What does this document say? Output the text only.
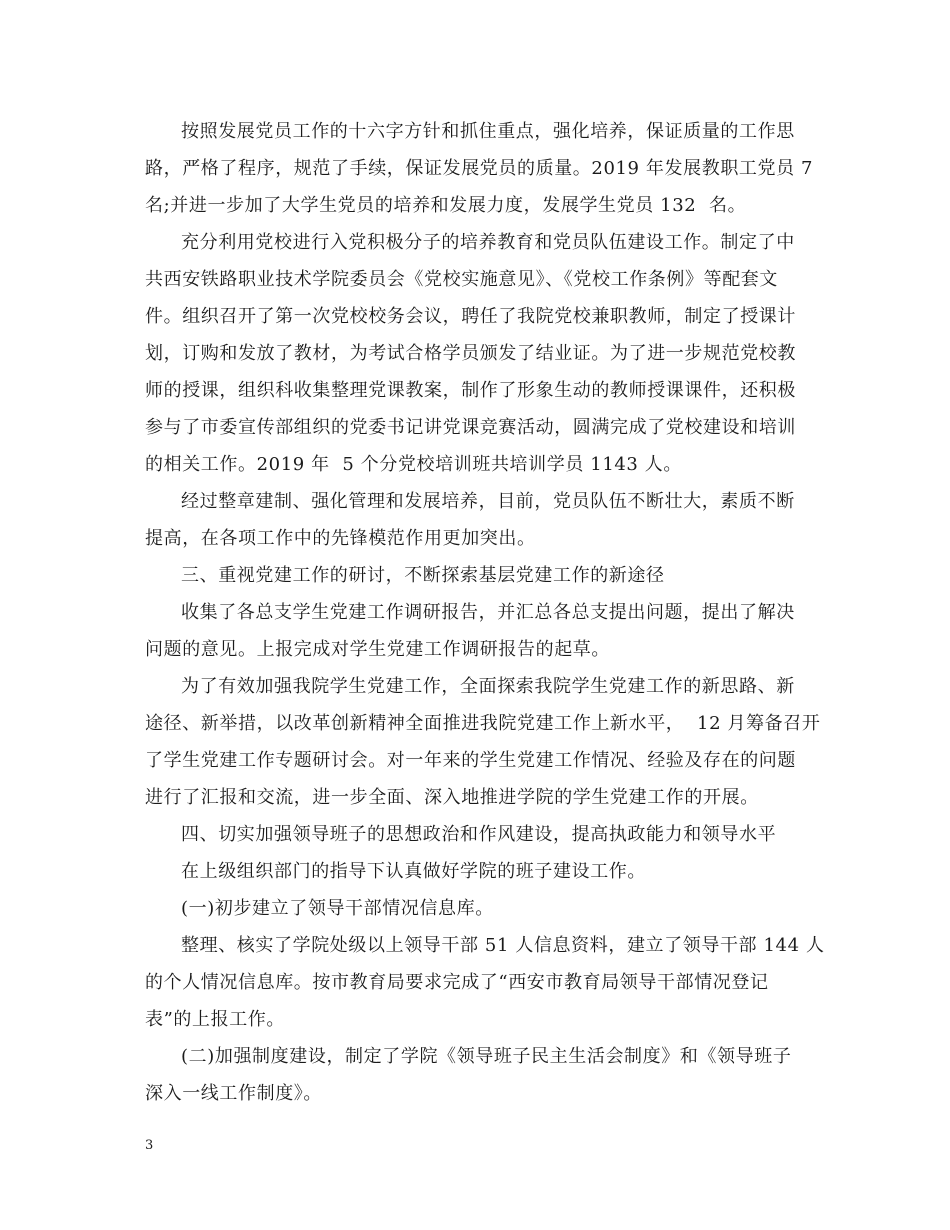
按照发展党员工作的十六字方针和抓住重点，强化培养，保证质量的工作思
路，严格了程序，规范了手续，保证发展党员的质量。2019 年发展教职工党员 7
名;并进一步加了大学生党员的培养和发展力度，发展学生党员 132  名。
充分利用党校进行入党积极分子的培养教育和党员队伍建设工作。制定了中
共西安铁路职业技术学院委员会《党校实施意见》、《党校工作条例》等配套文
件。组织召开了第一次党校校务会议，聘任了我院党校兼职教师，制定了授课计
划，订购和发放了教材，为考试合格学员颁发了结业证。为了进一步规范党校教
师的授课，组织科收集整理党课教案，制作了形象生动的教师授课课件，还积极
参与了市委宣传部组织的党委书记讲党课竞赛活动，圆满完成了党校建设和培训
的相关工作。2019 年  5 个分党校培训班共培训学员 1143 人。
经过整章建制、强化管理和发展培养，目前，党员队伍不断壮大，素质不断
提高，在各项工作中的先锋模范作用更加突出。
三、重视党建工作的研讨，不断探索基层党建工作的新途径
收集了各总支学生党建工作调研报告，并汇总各总支提出问题，提出了解决
问题的意见。上报完成对学生党建工作调研报告的起草。
为了有效加强我院学生党建工作，全面探索我院学生党建工作的新思路、新
途径、新举措，以改革创新精神全面推进我院党建工作上新水平，  12 月筹备召开
了学生党建工作专题研讨会。对一年来的学生党建工作情况、经验及存在的问题
进行了汇报和交流，进一步全面、深入地推进学院的学生党建工作的开展。
四、切实加强领导班子的思想政治和作风建设，提高执政能力和领导水平
在上级组织部门的指导下认真做好学院的班子建设工作。
(一)初步建立了领导干部情况信息库。
整理、核实了学院处级以上领导干部 51 人信息资料，建立了领导干部 144 人
的个人情况信息库。按市教育局要求完成了“西安市教育局领导干部情况登记
表”的上报工作。
(二)加强制度建设，制定了学院《领导班子民主生活会制度》和《领导班子
深入一线工作制度》。
3
